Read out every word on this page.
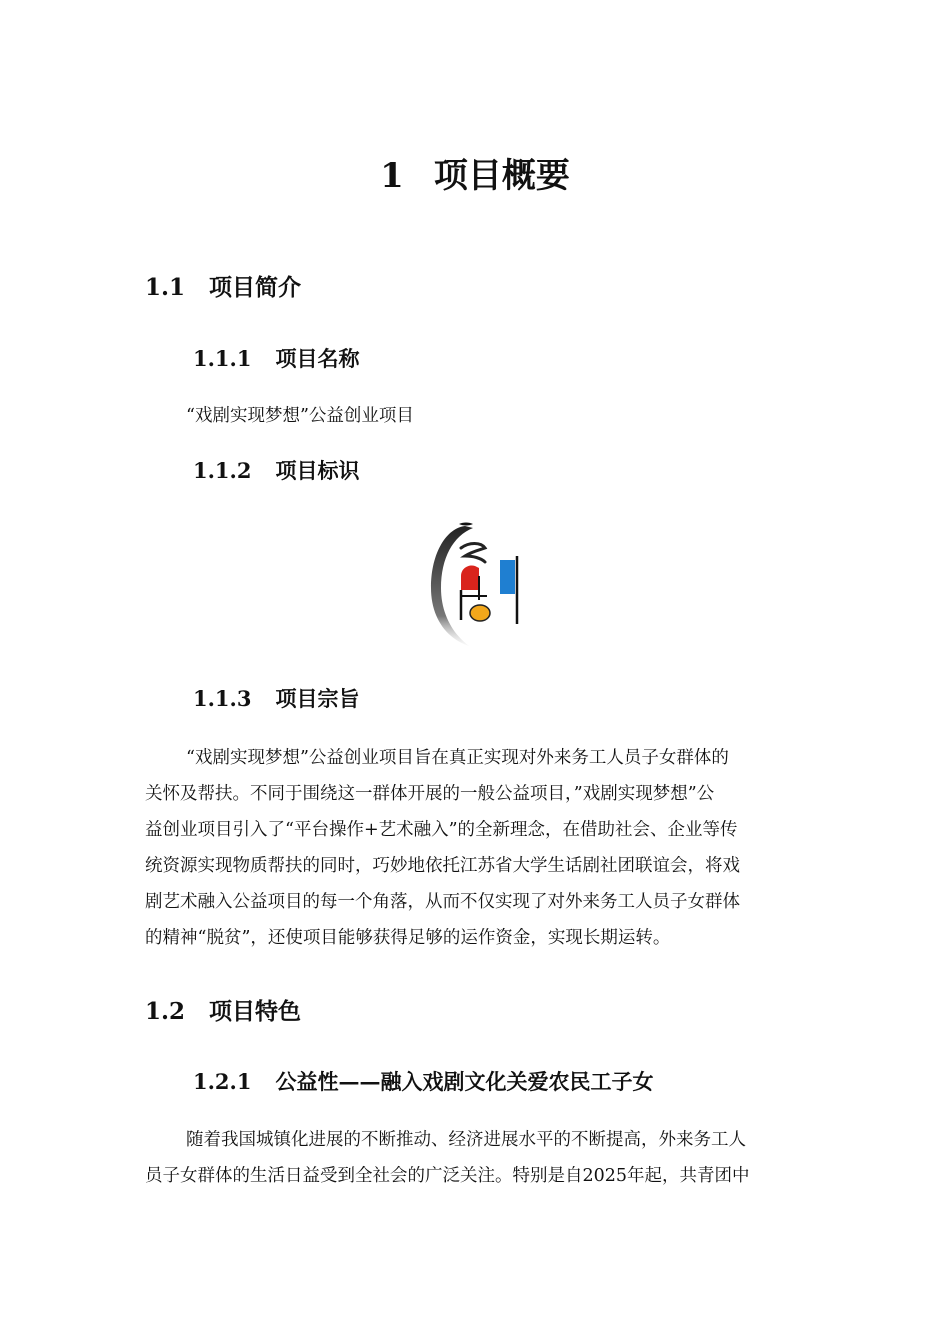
1 项目概要
1.1 项目简介
1.1.1 项目名称
“戏剧实现梦想”公益创业项目
1.1.2 项目标识
1.1.3 项目宗旨
“戏剧实现梦想”公益创业项目旨在真正实现对外来务工人员子女群体的
关怀及帮扶。不同于围绕这一群体开展的一般公益项目，”戏剧实现梦想”公
益创业项目引入了“平台操作+艺术融入”的全新理念，在借助社会、企业等传
统资源实现物质帮扶的同时，巧妙地依托江苏省大学生话剧社团联谊会，将戏
剧艺术融入公益项目的每一个角落，从而不仅实现了对外来务工人员子女群体
的精神“脱贫”，还使项目能够获得足够的运作资金，实现长期运转。
1.2 项目特色
1.2.1 公益性——融入戏剧文化关爱农民工子女
随着我国城镇化进展的不断推动、经济进展水平的不断提高，外来务工人
员子女群体的生活日益受到全社会的广泛关注。特别是自2025年起，共青团中
